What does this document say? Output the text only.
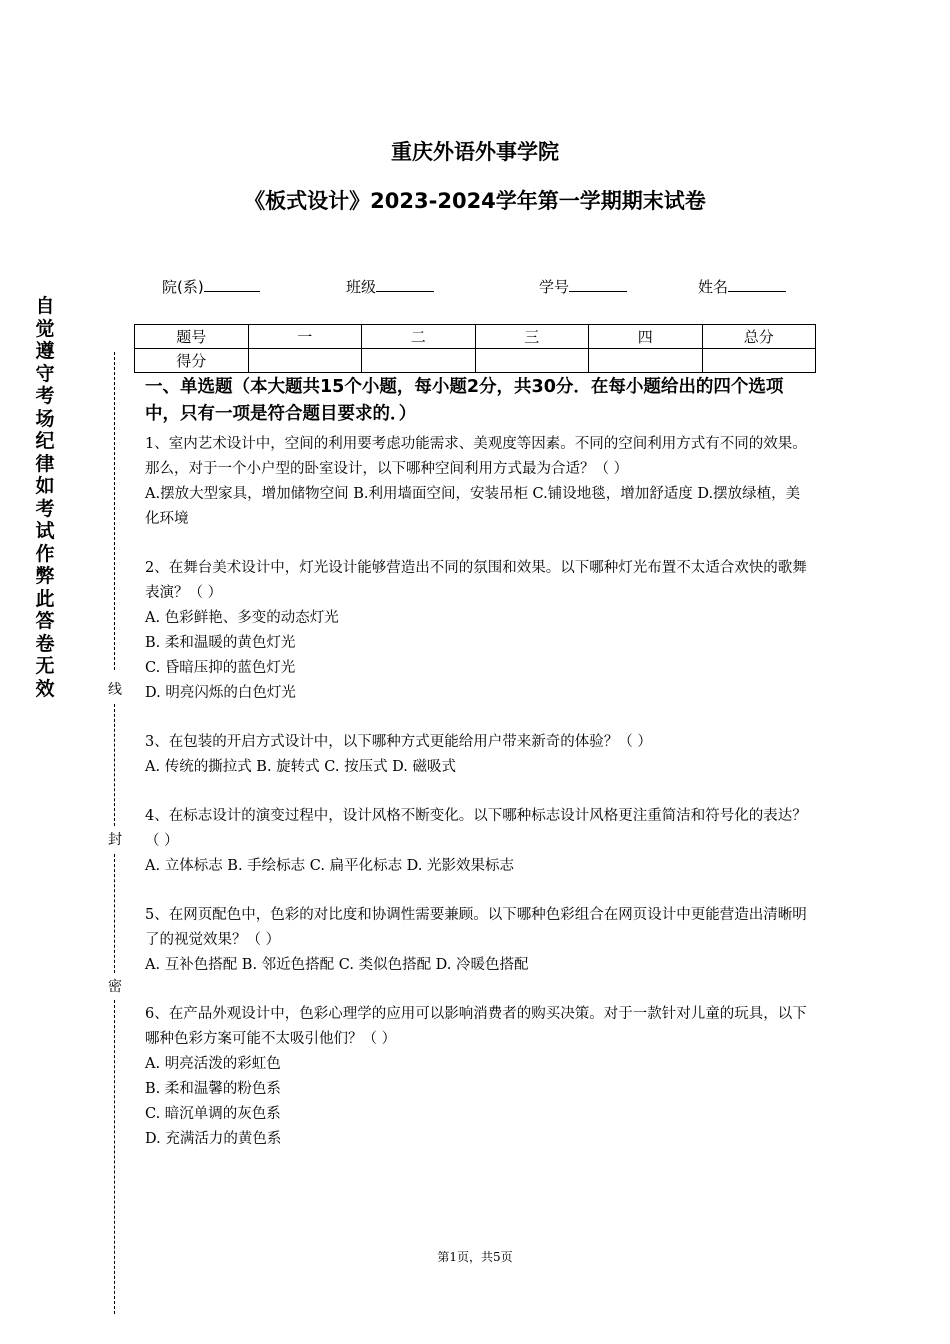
重庆外语外事学院
《板式设计》2023-2024学年第一学期期末试卷
院(系)	班级	学号	姓名
题号	一	二	三	四	总分
得分					
自觉遵守考场纪律如考试作弊此答卷无效	线
封
密
一、单选题（本大题共15个小题，每小题2分，共30分．在每小题给出的四个选项中，只有一项是符合题目要求的．）

1、室内艺术设计中，空间的利用要考虑功能需求、美观度等因素。不同的空间利用方式有不同的效果。那么，对于一个小户型的卧室设计，以下哪种空间利用方式最为合适？（ ）

A.摆放大型家具，增加储物空间 B.利用墙面空间，安装吊柜 C.铺设地毯，增加舒适度 D.摆放绿植，美化环境

2、在舞台美术设计中，灯光设计能够营造出不同的氛围和效果。以下哪种灯光布置不太适合欢快的歌舞表演？（ ）

A. 色彩鲜艳、多变的动态灯光

B. 柔和温暖的黄色灯光

C. 昏暗压抑的蓝色灯光

D. 明亮闪烁的白色灯光

3、在包装的开启方式设计中，以下哪种方式更能给用户带来新奇的体验？（ ）

A. 传统的撕拉式 B. 旋转式 C. 按压式 D. 磁吸式

4、在标志设计的演变过程中，设计风格不断变化。以下哪种标志设计风格更注重简洁和符号化的表达？（ ）

A. 立体标志 B. 手绘标志 C. 扁平化标志 D. 光影效果标志

5、在网页配色中，色彩的对比度和协调性需要兼顾。以下哪种色彩组合在网页设计中更能营造出清晰明了的视觉效果？（ ）

A. 互补色搭配 B. 邻近色搭配 C. 类似色搭配 D. 冷暖色搭配

6、在产品外观设计中，色彩心理学的应用可以影响消费者的购买决策。对于一款针对儿童的玩具，以下哪种色彩方案可能不太吸引他们？（ ）

A. 明亮活泼的彩虹色

B. 柔和温馨的粉色系

C. 暗沉单调的灰色系

D. 充满活力的黄色系

第1页，共5页
